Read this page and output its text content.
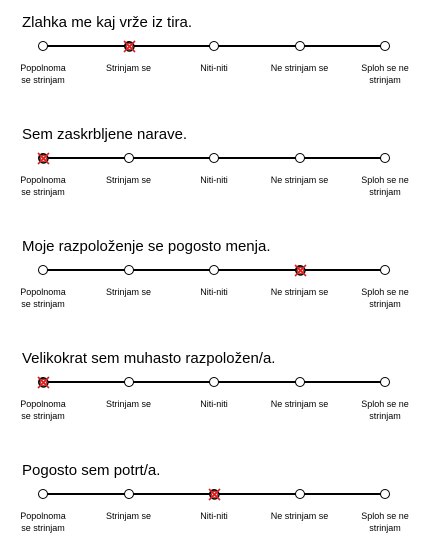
Zlahka me kaj vrže iz tira.
Popolnoma
se strinjam
Strinjam se	Niti-niti	Ne strinjam se	Sploh se ne
strinjam
Sem zaskrbljene narave.
Popolnoma
se strinjam
Strinjam se	Niti-niti	Ne strinjam se	Sploh se ne
strinjam
Moje razpoloženje se pogosto menja.
Popolnoma
se strinjam
Strinjam se	Niti-niti	Ne strinjam se	Sploh se ne
strinjam
Velikokrat sem muhasto razpoložen/a.
Popolnoma
se strinjam
Strinjam se	Niti-niti	Ne strinjam se	Sploh se ne
strinjam
Pogosto sem potrt/a.
Popolnoma
se strinjam
Strinjam se	Niti-niti	Ne strinjam se	Sploh se ne
strinjam
